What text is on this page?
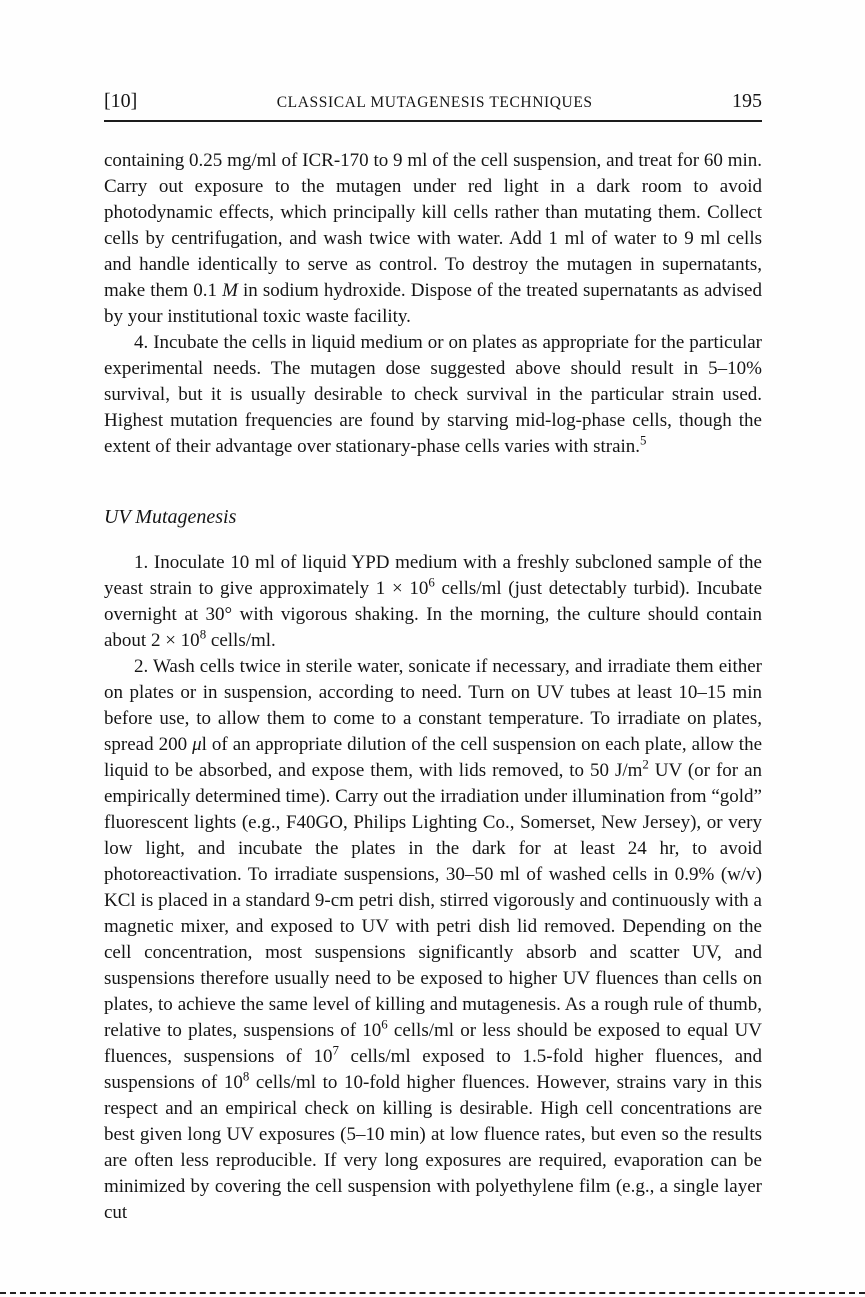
[10]	CLASSICAL MUTAGENESIS TECHNIQUES	195

containing 0.25 mg/ml of ICR-170 to 9 ml of the cell suspension, and treat for 60 min. Carry out exposure to the mutagen under red light in a dark room to avoid photodynamic effects, which principally kill cells rather than mutating them. Collect cells by centrifugation, and wash twice with water. Add 1 ml of water to 9 ml cells and handle identically to serve as control. To destroy the mutagen in supernatants, make them 0.1 M in sodium hydroxide. Dispose of the treated supernatants as advised by your institutional toxic waste facility.

4. Incubate the cells in liquid medium or on plates as appropriate for the particular experimental needs. The mutagen dose suggested above should result in 5–10% survival, but it is usually desirable to check survival in the particular strain used. Highest mutation frequencies are found by starving mid-log-phase cells, though the extent of their advantage over stationary-phase cells varies with strain.$^5$

UV Mutagenesis

1. Inoculate 10 ml of liquid YPD medium with a freshly subcloned sample of the yeast strain to give approximately $1 \times 10^6$ cells/ml (just detectably turbid). Incubate overnight at 30° with vigorous shaking. In the morning, the culture should contain about $2 \times 10^8$ cells/ml.

2. Wash cells twice in sterile water, sonicate if necessary, and irradiate them either on plates or in suspension, according to need. Turn on UV tubes at least 10–15 min before use, to allow them to come to a constant temperature. To irradiate on plates, spread 200 μl of an appropriate dilution of the cell suspension on each plate, allow the liquid to be absorbed, and expose them, with lids removed, to 50 $J/m^2$ UV (or for an empirically determined time). Carry out the irradiation under illumination from “gold” fluorescent lights (e.g., F40GO, Philips Lighting Co., Somerset, New Jersey), or very low light, and incubate the plates in the dark for at least 24 hr, to avoid photoreactivation. To irradiate suspensions, 30–50 ml of washed cells in 0.9% (w/v) KCl is placed in a standard 9-cm petri dish, stirred vigorously and continuously with a magnetic mixer, and exposed to UV with petri dish lid removed. Depending on the cell concentration, most suspensions significantly absorb and scatter UV, and suspensions therefore usually need to be exposed to higher UV fluences than cells on plates, to achieve the same level of killing and mutagenesis. As a rough rule of thumb, relative to plates, suspensions of $10^6$ cells/ml or less should be exposed to equal UV fluences, suspensions of $10^7$ cells/ml exposed to 1.5-fold higher fluences, and suspensions of $10^8$ cells/ml to 10-fold higher fluences. However, strains vary in this respect and an empirical check on killing is desirable. High cell concentrations are best given long UV exposures (5–10 min) at low fluence rates, but even so the results are often less reproducible. If very long exposures are required, evaporation can be minimized by covering the cell suspension with polyethylene film (e.g., a single layer cut
